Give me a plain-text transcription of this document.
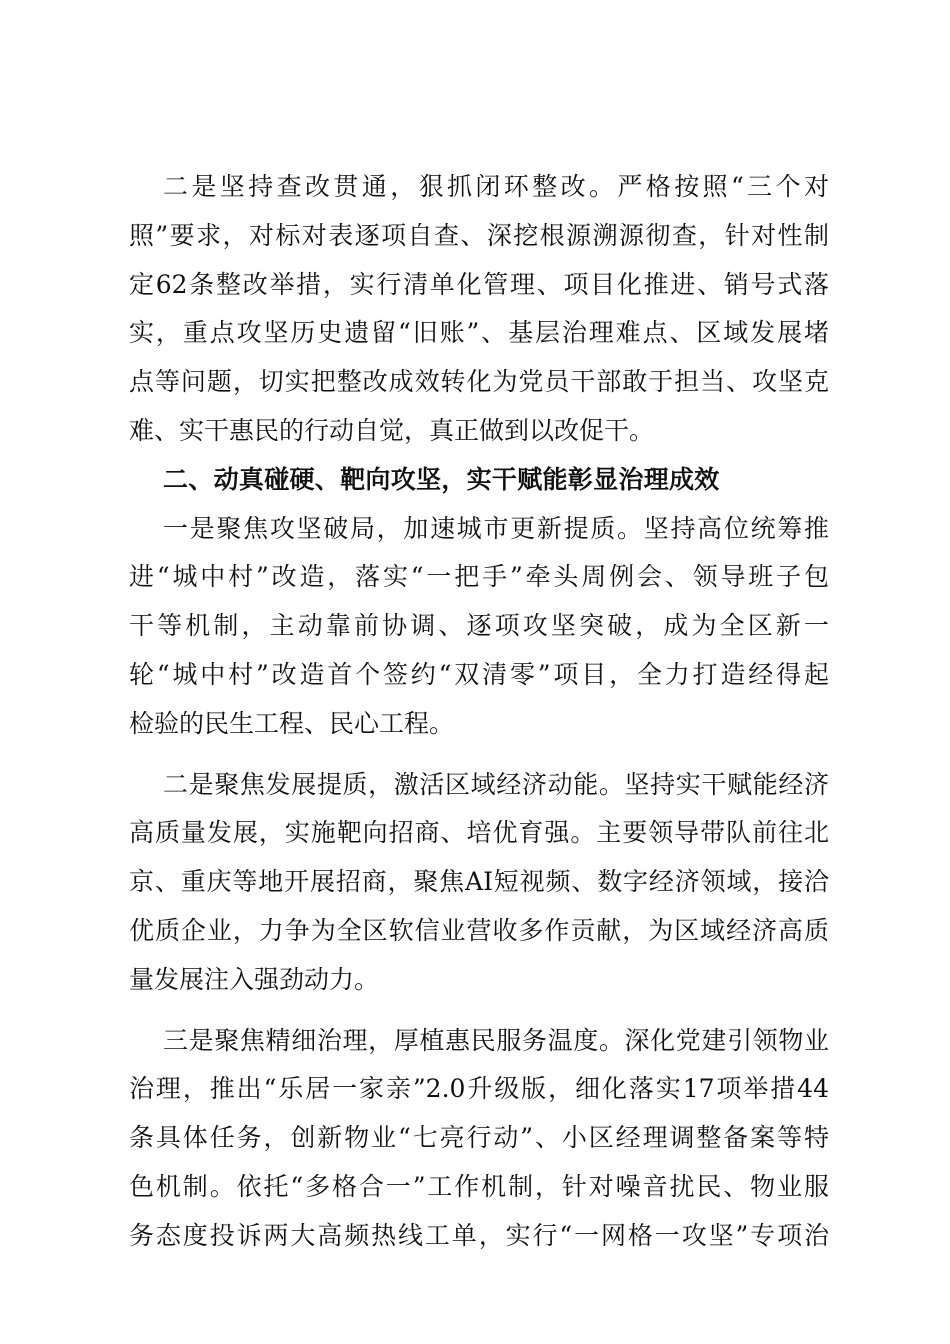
二是坚持查改贯通，狠抓闭环整改。严格按照“三个对
照”要求，对标对表逐项自查、深挖根源溯源彻查，针对性制
定62条整改举措，实行清单化管理、项目化推进、销号式落
实，重点攻坚历史遗留“旧账”、基层治理难点、区域发展堵
点等问题，切实把整改成效转化为党员干部敢于担当、攻坚克
难、实干惠民的行动自觉，真正做到以改促干。
二、动真碰硬、靶向攻坚，实干赋能彰显治理成效
一是聚焦攻坚破局，加速城市更新提质。坚持高位统筹推
进“城中村”改造，落实“一把手”牵头周例会、领导班子包
干等机制，主动靠前协调、逐项攻坚突破，成为全区新一
轮“城中村”改造首个签约“双清零”项目，全力打造经得起
检验的民生工程、民心工程。
二是聚焦发展提质，激活区域经济动能。坚持实干赋能经济
高质量发展，实施靶向招商、培优育强。主要领导带队前往北
京、重庆等地开展招商，聚焦AI短视频、数字经济领域，接洽
优质企业，力争为全区软信业营收多作贡献，为区域经济高质
量发展注入强劲动力。
三是聚焦精细治理，厚植惠民服务温度。深化党建引领物业
治理，推出“乐居一家亲”2.0升级版，细化落实17项举措44
条具体任务，创新物业“七亮行动”、小区经理调整备案等特
色机制。依托“多格合一”工作机制，针对噪音扰民、物业服
务态度投诉两大高频热线工单，实行“一网格一攻坚”专项治
